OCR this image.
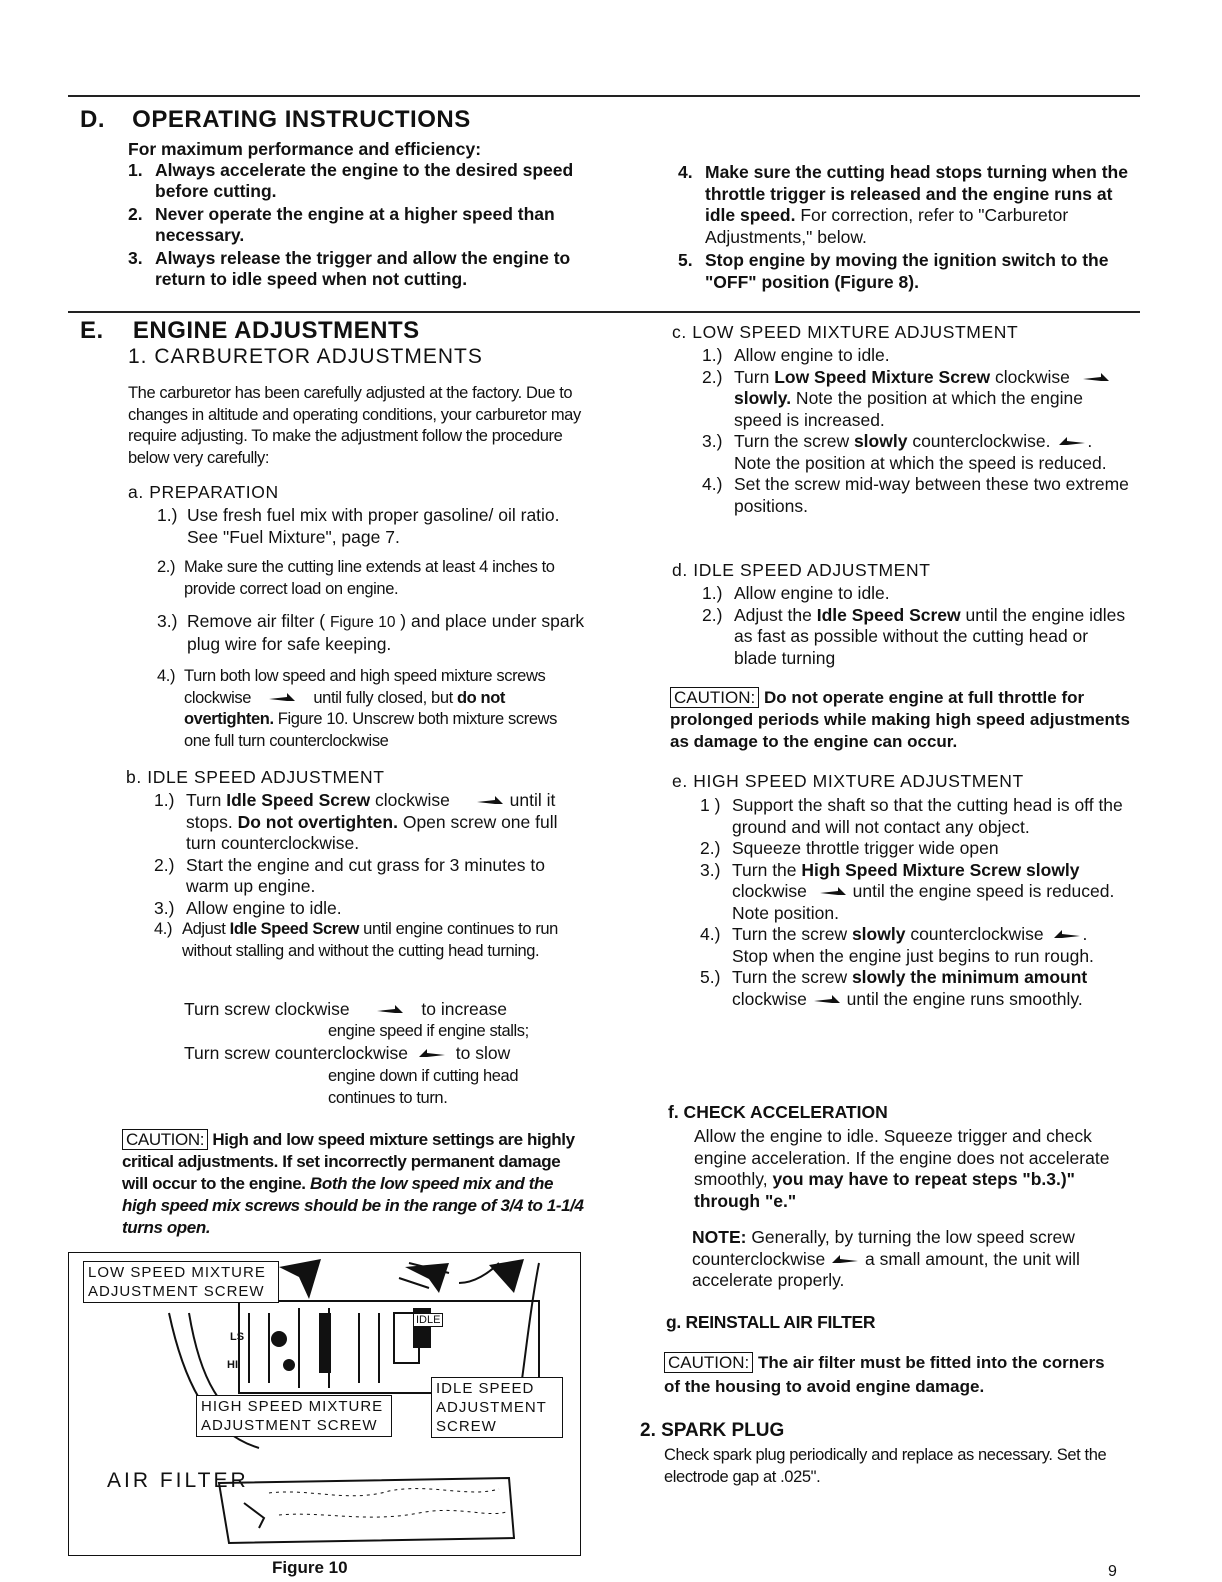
D. OPERATING INSTRUCTIONS
For maximum performance and efficiency:
1. Always accelerate the engine to the desired speed before cutting.
2. Never operate the engine at a higher speed than necessary.
3. Always release the trigger and allow the engine to return to idle speed when not cutting.
4. Make sure the cutting head stops turning when the throttle trigger is released and the engine runs at idle speed. For correction, refer to "Carburetor Adjustments," below.
5. Stop engine by moving the ignition switch to the "OFF" position (Figure 8).
E. ENGINE ADJUSTMENTS
1. CARBURETOR ADJUSTMENTS
The carburetor has been carefully adjusted at the factory. Due to changes in altitude and operating conditions, your carburetor may require adjusting. To make the adjustment follow the procedure below very carefully:
a. PREPARATION
1.) Use fresh fuel mix with proper gasoline/ oil ratio. See "Fuel Mixture", page 7.
2.) Make sure the cutting line extends at least 4 inches to provide correct load on engine.
3.) Remove air filter ( Figure 10 ) and place under spark plug wire for safe keeping.
4.) Turn both low speed and high speed mixture screws clockwise	until fully closed, but do not overtighten. Figure 10. Unscrew both mixture screws one full turn counterclockwise
b. IDLE SPEED ADJUSTMENT
1.) Turn Idle Speed Screw clockwise	until it stops. Do not overtighten. Open screw one full turn counterclockwise.
2.) Start the engine and cut grass for 3 minutes to warm up engine.
3.) Allow engine to idle.
4.) Adjust Idle Speed Screw until engine continues to run without stalling and without the cutting head turning.
Turn screw clockwise	to increase
engine speed if engine stalls;
Turn screw counterclockwise	to slow
engine down if cutting head
continues to turn.
CAUTION: High and low speed mixture settings are highly critical adjustments. If set incorrectly permanent damage will occur to the engine. Both the low speed mix and the high speed mix screws should be in the range of 3/4 to 1-1/4 turns open.
IDLE
LS
HI
LOW SPEED MIXTURE ADJUSTMENT SCREW
HIGH SPEED MIXTURE ADJUSTMENT SCREW
IDLE SPEED ADJUSTMENT SCREW
AIR FILTER
Figure 10
c. LOW SPEED MIXTURE ADJUSTMENT
1.) Allow engine to idle.
2.) Turn Low Speed Mixture Screw clockwise  slowly. Note the position at which the engine speed is increased.
3.) Turn the screw slowly counterclockwise. . Note the position at which the speed is reduced.
4.) Set the screw mid-way between these two extreme positions.
d. IDLE SPEED ADJUSTMENT
1.) Allow engine to idle.
2.) Adjust the Idle Speed Screw until the engine idles as fast as possible without the cutting head or blade turning
CAUTION: Do not operate engine at full throttle for prolonged periods while making high speed adjustments as damage to the engine can occur.
e. HIGH SPEED MIXTURE ADJUSTMENT
1 ) Support the shaft so that the cutting head is off the ground and will not contact any object.
2.) Squeeze throttle trigger wide open
3.) Turn the High Speed Mixture Screw slowly clockwise  until the engine speed is reduced. Note position.
4.) Turn the screw slowly counterclockwise . Stop when the engine just begins to run rough.
5.) Turn the screw slowly the minimum amount clockwise  until the engine runs smoothly.
f. CHECK ACCELERATION
Allow the engine to idle. Squeeze trigger and check engine acceleration. If the engine does not accelerate smoothly, you may have to repeat steps "b.3.)" through "e."
NOTE: Generally, by turning the low speed screw counterclockwise  a small amount, the unit will accelerate properly.
g. REINSTALL AIR FILTER
CAUTION: The air filter must be fitted into the corners of the housing to avoid engine damage.
2. SPARK PLUG
Check spark plug periodically and replace as necessary. Set the electrode gap at .025".
9
